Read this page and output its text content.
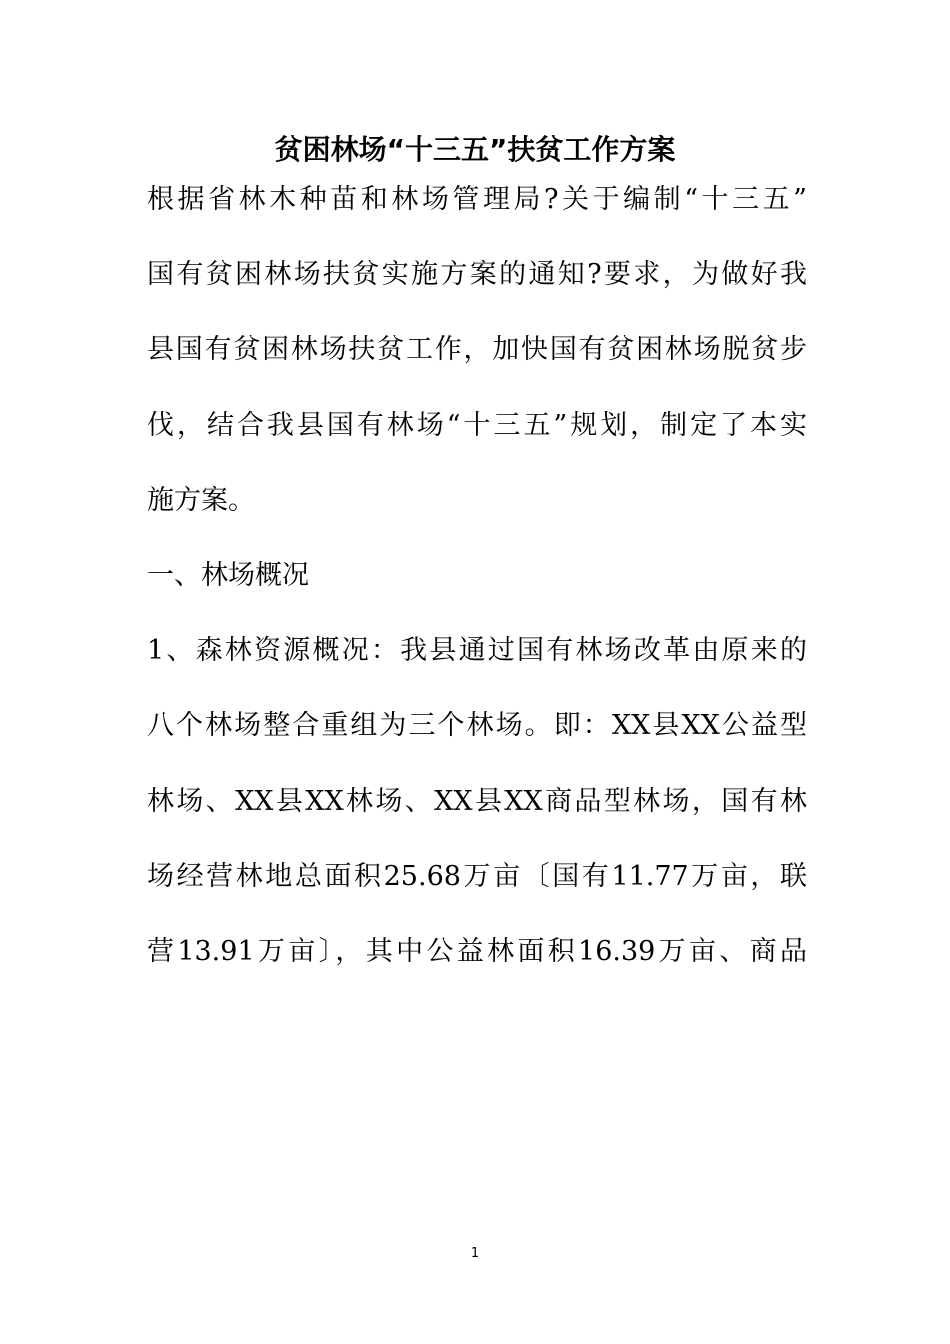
贫困林场“十三五”扶贫工作方案
根据省林木种苗和林场管理局?关于编制“十三五”
国有贫困林场扶贫实施方案的通知?要求，为做好我
县国有贫困林场扶贫工作，加快国有贫困林场脱贫步
伐，结合我县国有林场“十三五”规划，制定了本实
施方案。
一、林场概况
1、森林资源概况：我县通过国有林场改革由原来的
八个林场整合重组为三个林场。即：XX县XX公益型
林场、XX县XX林场、XX县XX商品型林场，国有林
场经营林地总面积25.68万亩〔国有11.77万亩，联
营13.91万亩〕，其中公益林面积16.39万亩、商品
1
